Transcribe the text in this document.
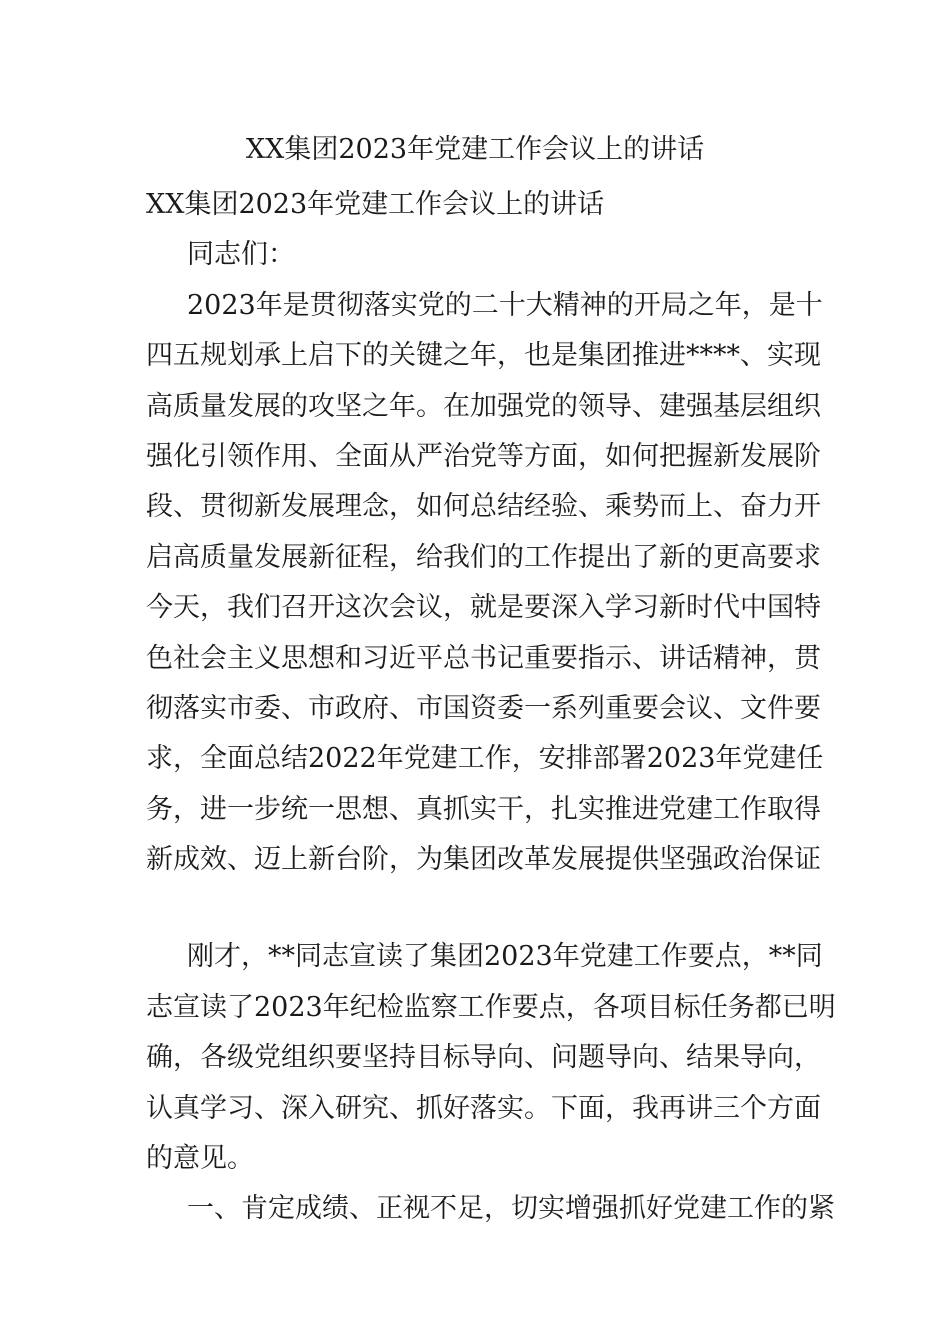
XX集团2023年党建工作会议上的讲话
XX集团2023年党建工作会议上的讲话
同志们：
2023年是贯彻落实党的二十大精神的开局之年，是十
四五规划承上启下的关键之年，也是集团推进****、实现
高质量发展的攻坚之年。在加强党的领导、建强基层组织
强化引领作用、全面从严治党等方面，如何把握新发展阶
段、贯彻新发展理念，如何总结经验、乘势而上、奋力开
启高质量发展新征程，给我们的工作提出了新的更高要求
今天，我们召开这次会议，就是要深入学习新时代中国特
色社会主义思想和习近平总书记重要指示、讲话精神，贯
彻落实市委、市政府、市国资委一系列重要会议、文件要
求，全面总结2022年党建工作，安排部署2023年党建任
务，进一步统一思想、真抓实干，扎实推进党建工作取得
新成效、迈上新台阶，为集团改革发展提供坚强政治保证
刚才，**同志宣读了集团2023年党建工作要点，**同
志宣读了2023年纪检监察工作要点，各项目标任务都已明
确，各级党组织要坚持目标导向、问题导向、结果导向，
认真学习、深入研究、抓好落实。下面，我再讲三个方面
的意见。
一、肯定成绩、正视不足，切实增强抓好党建工作的紧
